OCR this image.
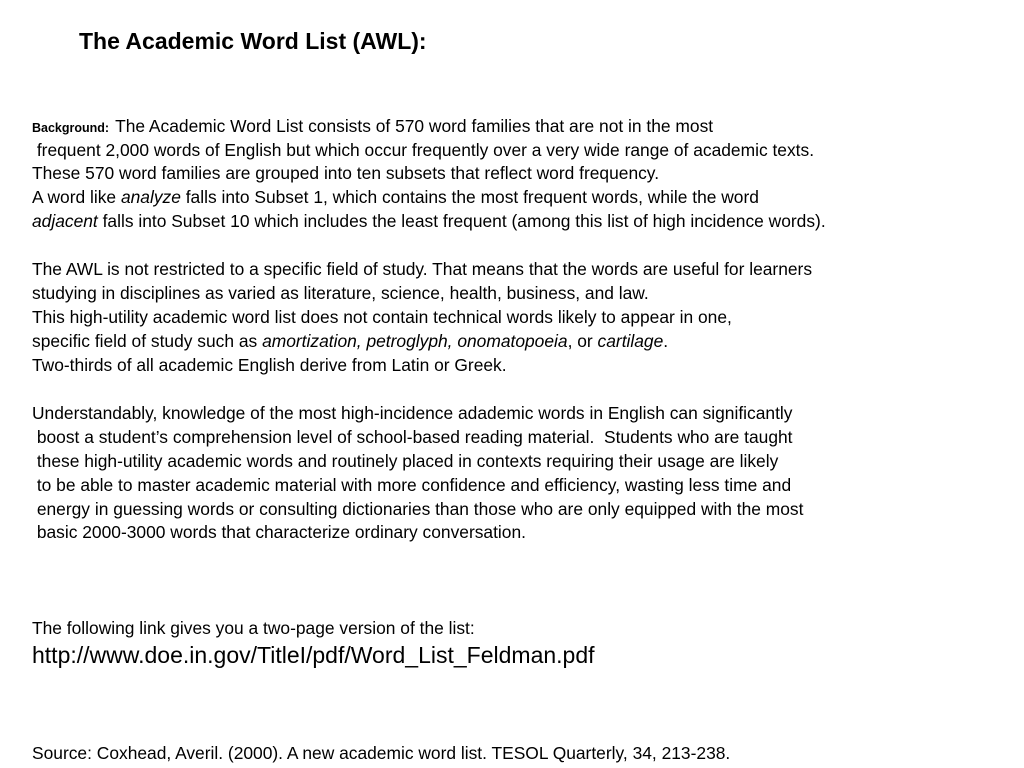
The Academic Word List (AWL):
Background: The Academic Word List consists of 570 word families that are not in the most
frequent 2,000 words of English but which occur frequently over a very wide range of academic texts.
These 570 word families are grouped into ten subsets that reflect word frequency.
A word like analyze falls into Subset 1, which contains the most frequent words, while the word
adjacent falls into Subset 10 which includes the least frequent (among this list of high incidence words).
The AWL is not restricted to a specific field of study. That means that the words are useful for learners
studying in disciplines as varied as literature, science, health, business, and law.
This high-utility academic word list does not contain technical words likely to appear in one,
specific field of study such as amortization, petroglyph, onomatopoeia, or cartilage.
Two-thirds of all academic English derive from Latin or Greek.
Understandably, knowledge of the most high-incidence adademic words in English can significantly
boost a student’s comprehension level of school-based reading material.  Students who are taught
these high-utility academic words and routinely placed in contexts requiring their usage are likely
to be able to master academic material with more confidence and efficiency, wasting less time and
energy in guessing words or consulting dictionaries than those who are only equipped with the most
basic 2000-3000 words that characterize ordinary conversation.
The following link gives you a two-page version of the list:
http://www.doe.in.gov/TitleI/pdf/Word_List_Feldman.pdf
Source: Coxhead, Averil. (2000). A new academic word list. TESOL Quarterly, 34, 213-238.
